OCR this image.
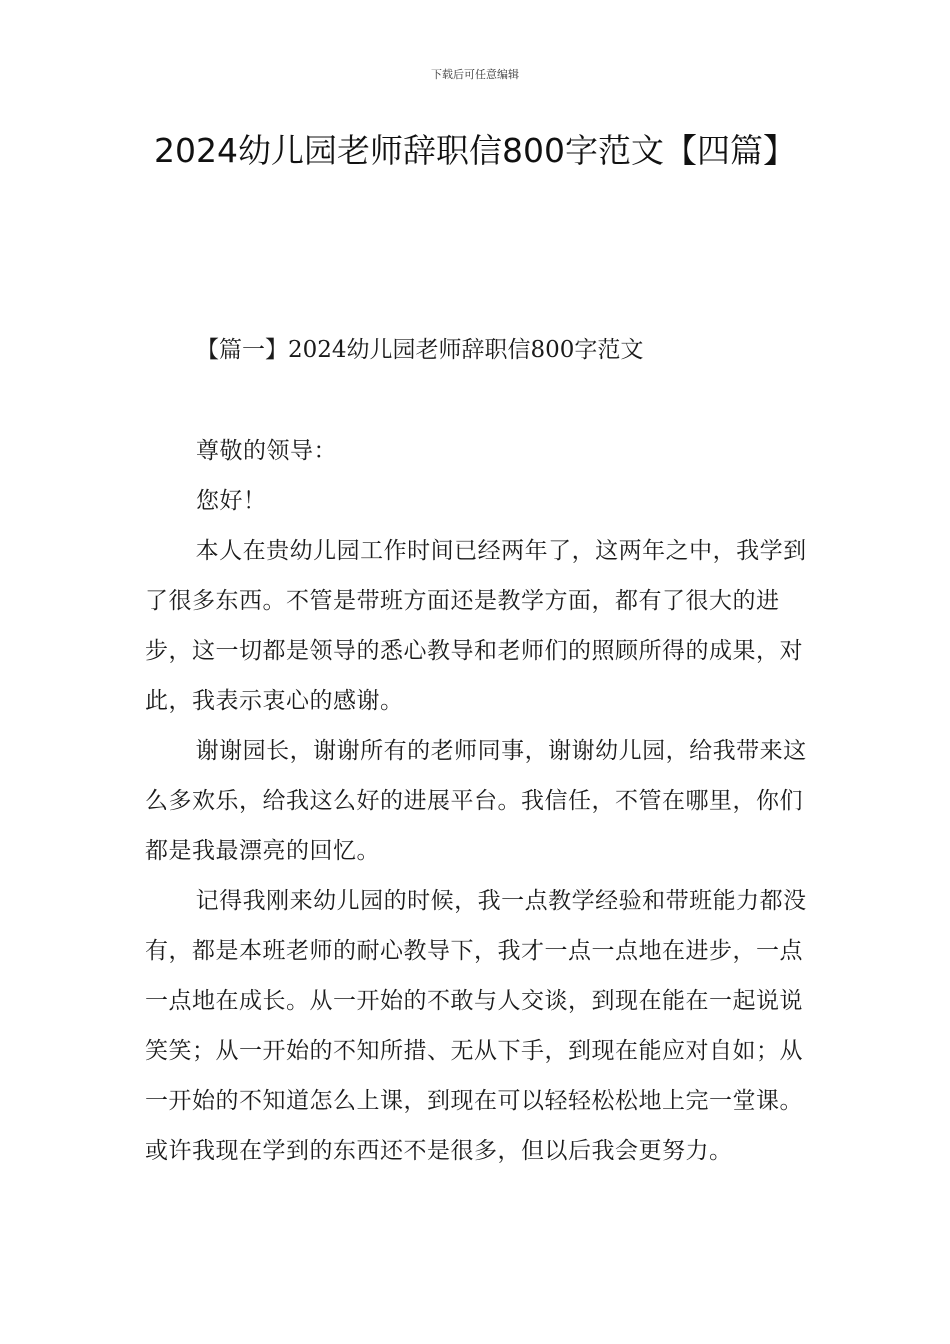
下载后可任意编辑
2024幼儿园老师辞职信800字范文【四篇】
【篇一】2024幼儿园老师辞职信800字范文

尊敬的领导：

您好！

本人在贵幼儿园工作时间已经两年了，这两年之中，我学到了很多东西。不管是带班方面还是教学方面，都有了很大的进步，这一切都是领导的悉心教导和老师们的照顾所得的成果，对此，我表示衷心的感谢。

谢谢园长，谢谢所有的老师同事，谢谢幼儿园，给我带来这么多欢乐，给我这么好的进展平台。我信任，不管在哪里，你们都是我最漂亮的回忆。

记得我刚来幼儿园的时候，我一点教学经验和带班能力都没有，都是本班老师的耐心教导下，我才一点一点地在进步，一点一点地在成长。从一开始的不敢与人交谈，到现在能在一起说说笑笑；从一开始的不知所措、无从下手，到现在能应对自如；从一开始的不知道怎么上课，到现在可以轻轻松松地上完一堂课。或许我现在学到的东西还不是很多，但以后我会更努力。
